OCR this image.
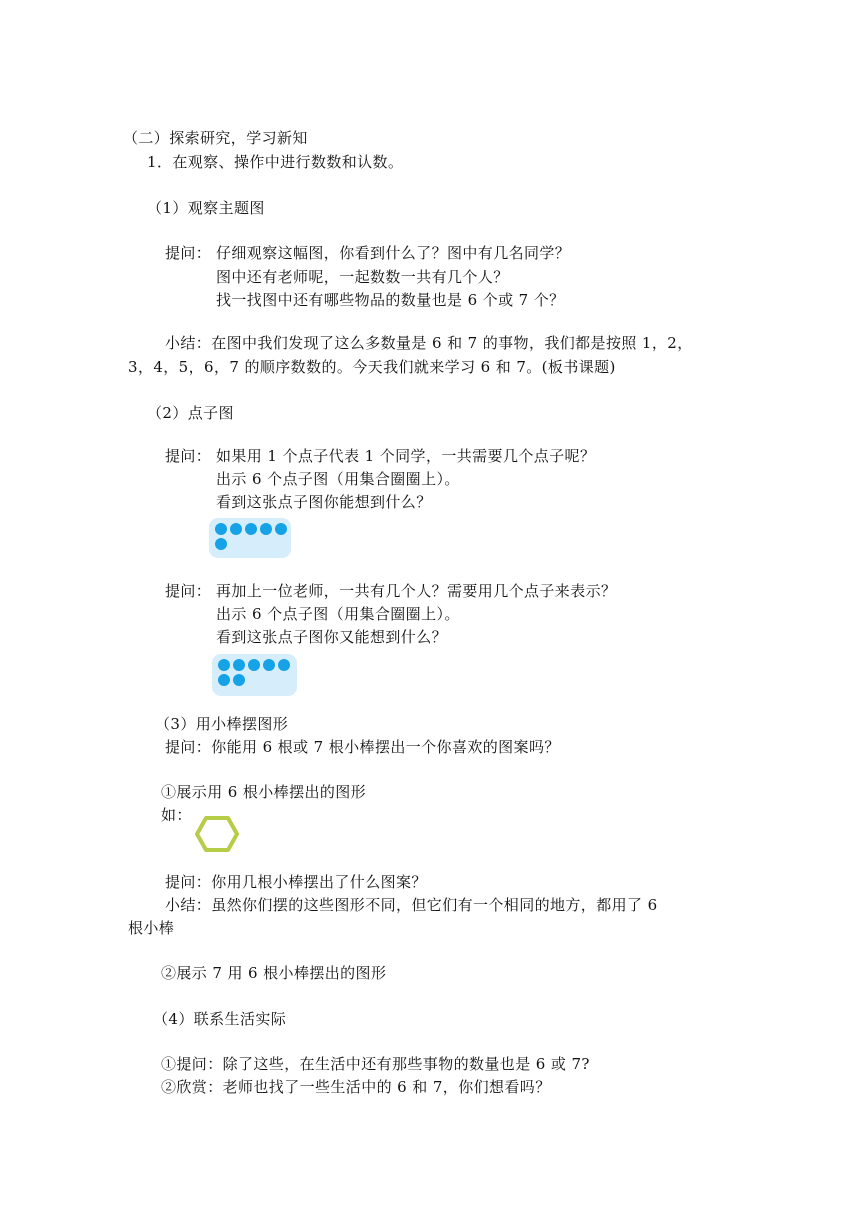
（二）探索研究，学习新知
1．在观察、操作中进行数数和认数。
（1）观察主题图
提问： 仔细观察这幅图，你看到什么了？图中有几名同学？
图中还有老师呢，一起数数一共有几个人？
找一找图中还有哪些物品的数量也是 6 个或 7 个？
小结：在图中我们发现了这么多数量是 6 和 7 的事物，我们都是按照 1，2，
3，4，5，6，7 的顺序数数的。今天我们就来学习 6 和 7。(板书课题)
（2）点子图
提问： 如果用 1 个点子代表 1 个同学，一共需要几个点子呢？
出示 6 个点子图（用集合圈圈上）。
看到这张点子图你能想到什么？
提问： 再加上一位老师，一共有几个人？需要用几个点子来表示？
出示 6 个点子图（用集合圈圈上）。
看到这张点子图你又能想到什么？
（3）用小棒摆图形
提问：你能用 6 根或 7 根小棒摆出一个你喜欢的图案吗？
①展示用 6 根小棒摆出的图形
如：
提问：你用几根小棒摆出了什么图案？
小结：虽然你们摆的这些图形不同，但它们有一个相同的地方，都用了 6
根小棒
②展示 7 用 6 根小棒摆出的图形
（4）联系生活实际
①提问：除了这些，在生活中还有那些事物的数量也是 6 或 7?
②欣赏：老师也找了一些生活中的 6 和 7，你们想看吗？
